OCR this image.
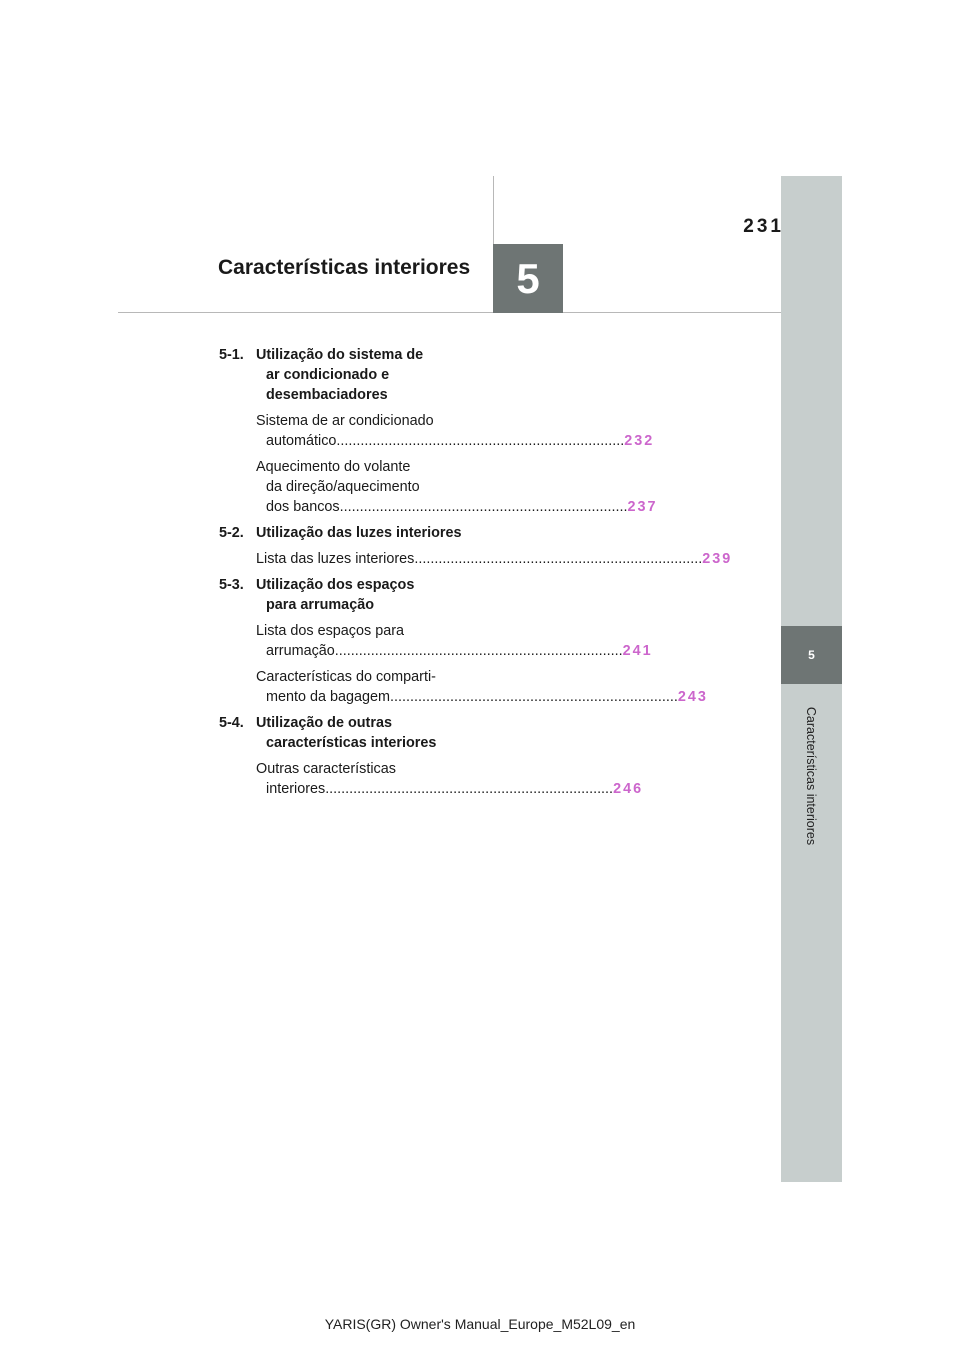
5
Características interiores
231
Características interiores	5
5-1. Utilização do sistema de
ar condicionado e
desembaciadores
Sistema de ar condicionado
automático .....	232
Aquecimento do volante
da direção/aquecimento
dos bancos .....	237
5-2. Utilização das luzes interiores
Lista das luzes interiores .....	239
5-3. Utilização dos espaços
para arrumação
Lista dos espaços para
arrumação .....	241
Características do comparti-
mento da bagagem .....	243
5-4. Utilização de outras
características interiores
Outras características
interiores .....	246
YARIS(GR) Owner's Manual_Europe_M52L09_en
